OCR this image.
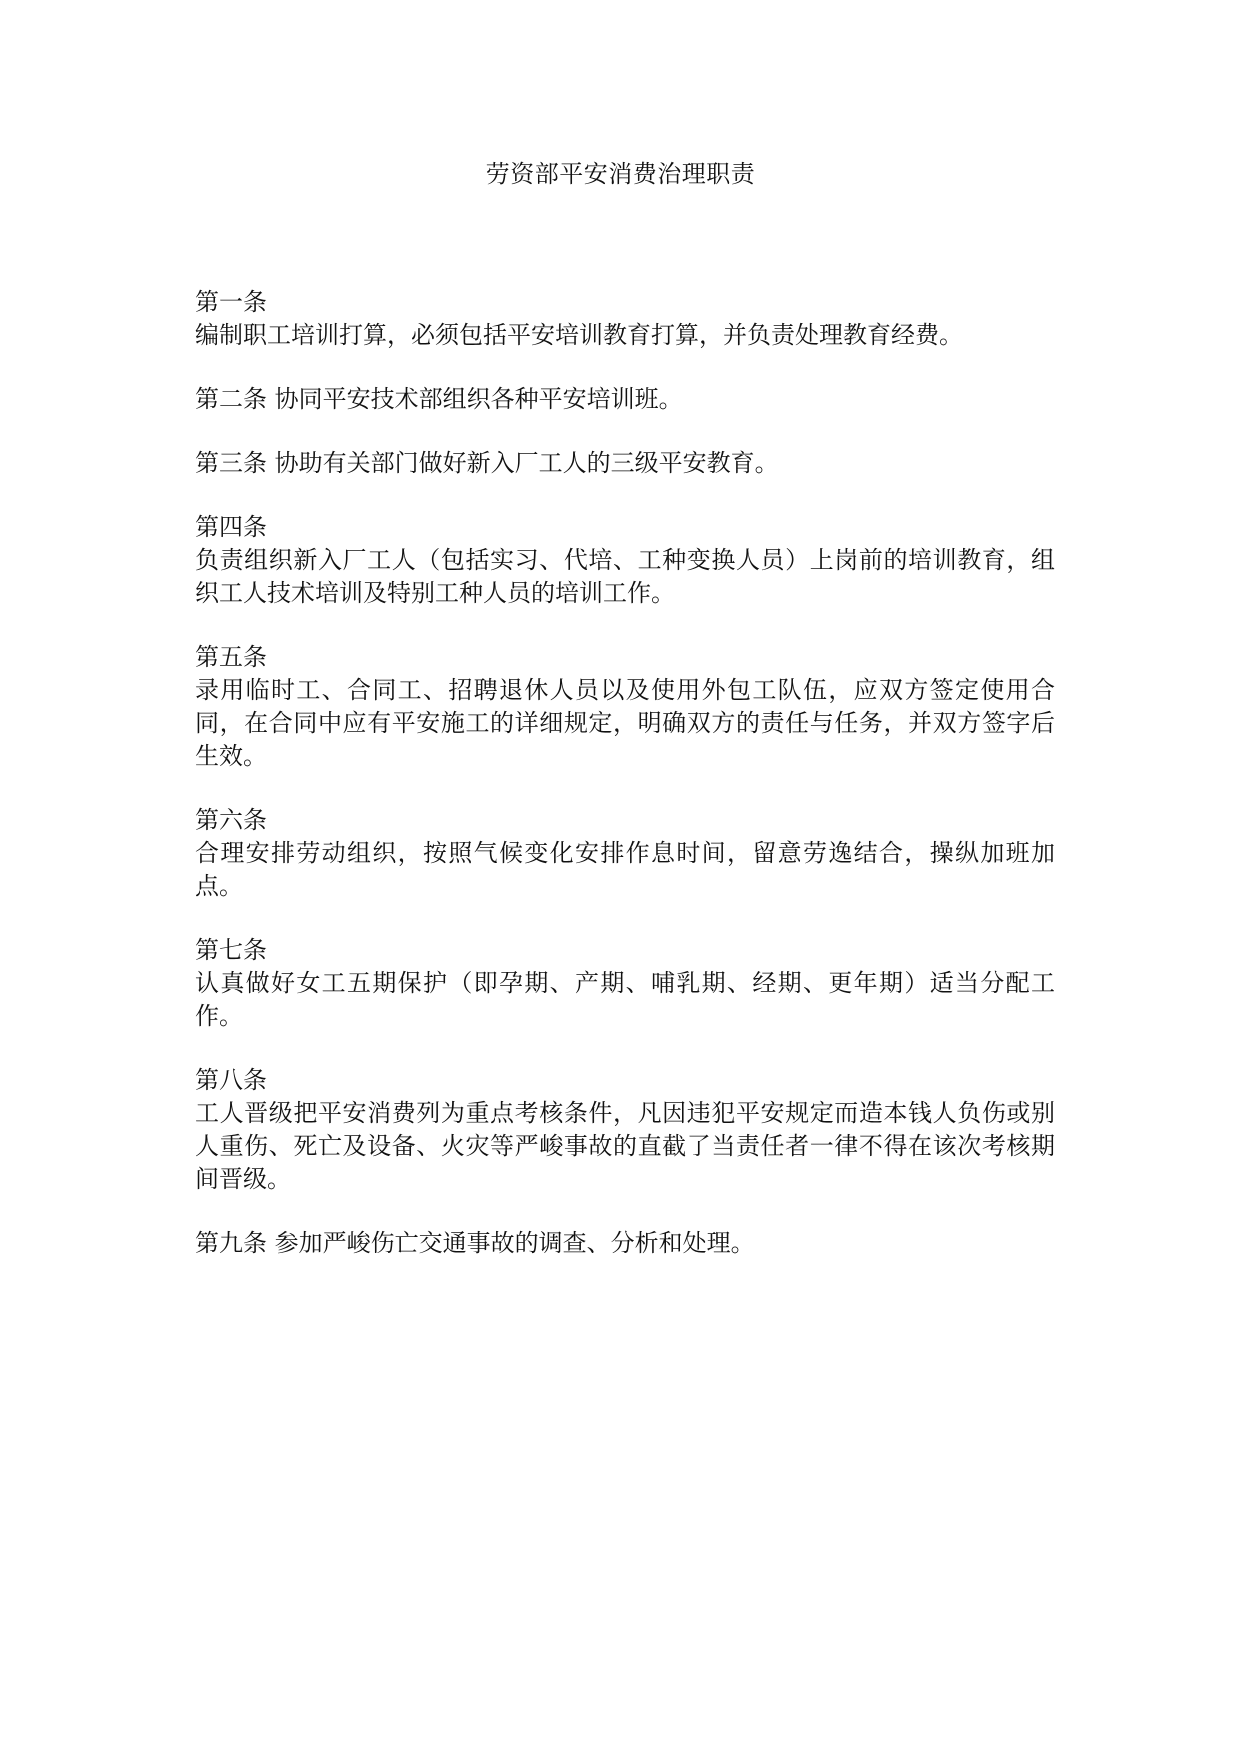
劳资部平安消费治理职责
第一条
编制职工培训打算，必须包括平安培训教育打算，并负责处理教育经费。
第二条 协同平安技术部组织各种平安培训班。
第三条 协助有关部门做好新入厂工人的三级平安教育。
第四条
负责组织新入厂工人（包括实习、代培、工种变换人员）上岗前的培训教育，组织工人技术培训及特别工种人员的培训工作。
第五条
录用临时工、合同工、招聘退休人员以及使用外包工队伍，应双方签定使用合同，在合同中应有平安施工的详细规定，明确双方的责任与任务，并双方签字后生效。
第六条
合理安排劳动组织，按照气候变化安排作息时间，留意劳逸结合，操纵加班加点。
第七条
认真做好女工五期保护（即孕期、产期、哺乳期、经期、更年期）适当分配工作。
第八条
工人晋级把平安消费列为重点考核条件，凡因违犯平安规定而造本钱人负伤或别人重伤、死亡及设备、火灾等严峻事故的直截了当责任者一律不得在该次考核期间晋级。
第九条 参加严峻伤亡交通事故的调查、分析和处理。
